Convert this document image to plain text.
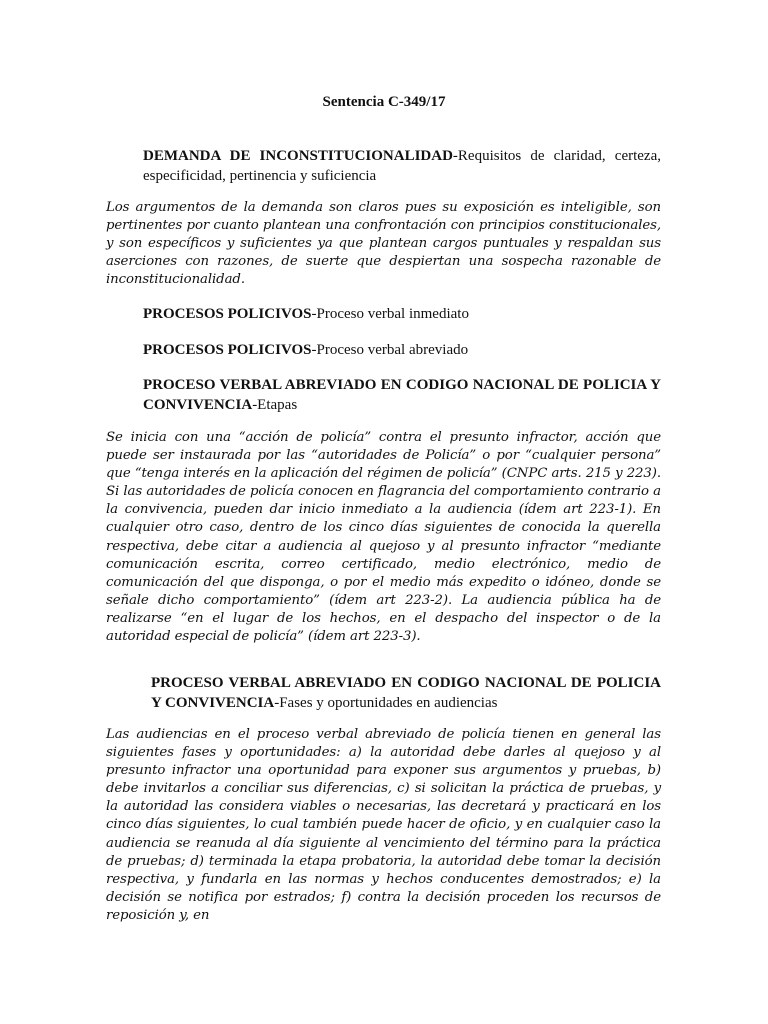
Sentencia C-349/17
DEMANDA DE INCONSTITUCIONALIDAD-Requisitos de claridad, certeza, especificidad, pertinencia y suficiencia
Los argumentos de la demanda son claros pues su exposición es inteligible, son pertinentes por cuanto plantean una confrontación con principios constitucionales, y son específicos y suficientes ya que plantean cargos puntuales y respaldan sus aserciones con razones, de suerte que despiertan una sospecha razonable de inconstitucionalidad.
PROCESOS POLICIVOS-Proceso verbal inmediato
PROCESOS POLICIVOS-Proceso verbal abreviado
PROCESO VERBAL ABREVIADO EN CODIGO NACIONAL DE POLICIA Y CONVIVENCIA-Etapas
Se inicia con una “acción de policía” contra el presunto infractor, acción que puede ser instaurada por las “autoridades de Policía” o por “cualquier persona” que “tenga interés en la aplicación del régimen de policía” (CNPC arts. 215 y 223). Si las autoridades de policía conocen en flagrancia del comportamiento contrario a la convivencia, pueden dar inicio inmediato a la audiencia (ídem art 223-1). En cualquier otro caso, dentro de los cinco días siguientes de conocida la querella respectiva, debe citar a audiencia al quejoso y al presunto infractor “mediante comunicación escrita, correo certificado, medio electrónico, medio de comunicación del que disponga, o por el medio más expedito o idóneo, donde se señale dicho comportamiento” (ídem art 223-2). La audiencia pública ha de realizarse “en el lugar de los hechos, en el despacho del inspector o de la autoridad especial de policía” (ídem art 223-3).
PROCESO VERBAL ABREVIADO EN CODIGO NACIONAL DE POLICIA Y CONVIVENCIA-Fases y oportunidades en audiencias
Las audiencias en el proceso verbal abreviado de policía tienen en general las siguientes fases y oportunidades: a) la autoridad debe darles al quejoso y al presunto infractor una oportunidad para exponer sus argumentos y pruebas, b) debe invitarlos a conciliar sus diferencias, c) si solicitan la práctica de pruebas, y la autoridad las considera viables o necesarias, las decretará y practicará en los cinco días siguientes, lo cual también puede hacer de oficio, y en cualquier caso la audiencia se reanuda al día siguiente al vencimiento del término para la práctica de pruebas; d) terminada la etapa probatoria, la autoridad debe tomar la decisión respectiva, y fundarla en las normas y hechos conducentes demostrados; e) la decisión se notifica por estrados; f) contra la decisión proceden los recursos de reposición y, en
